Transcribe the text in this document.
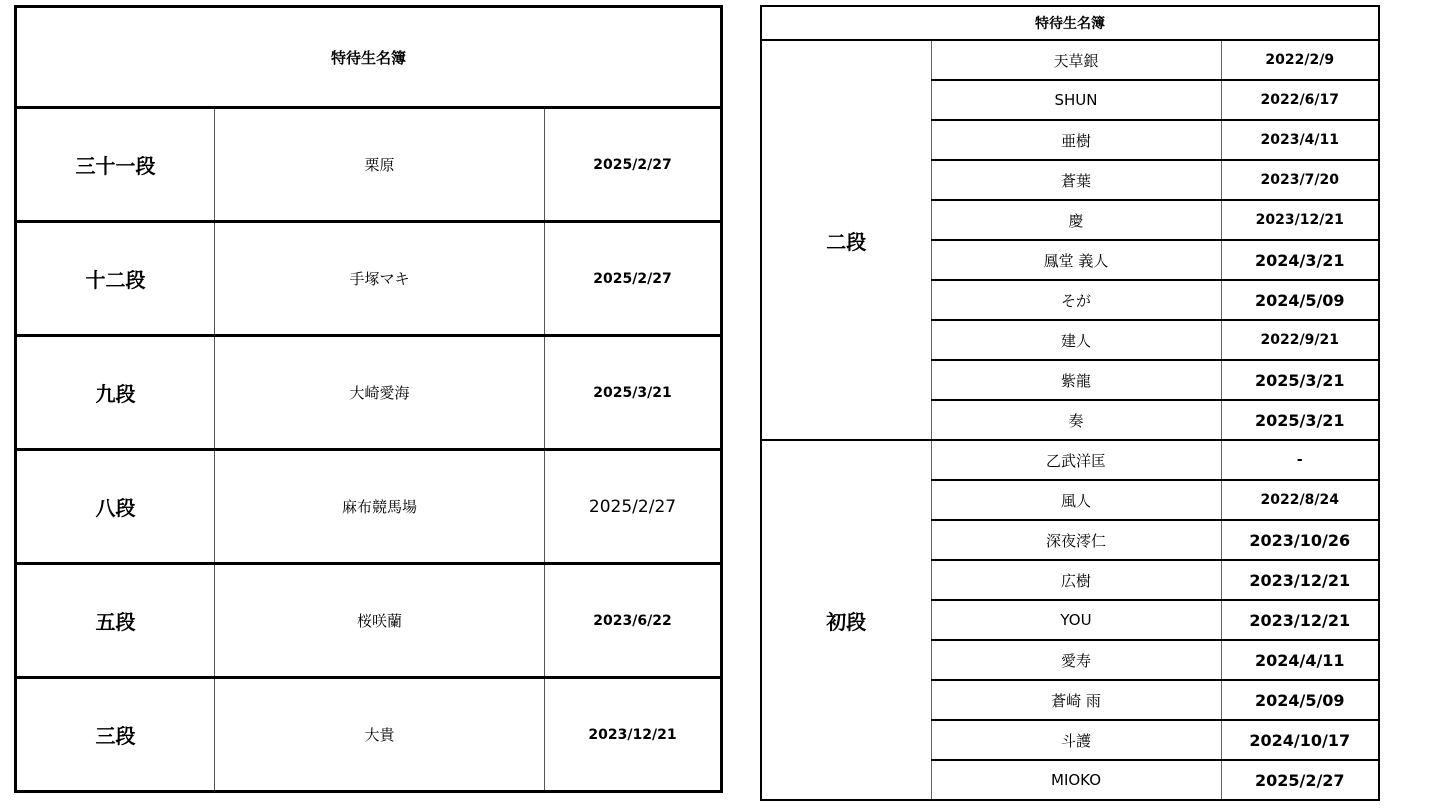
特待生名簿		
三十一段	栗原	2025/2/27
十二段	手塚マキ	2025/2/27
九段	大崎愛海	2025/3/21
八段	麻布競馬場	2025/2/27
五段	桜咲蘭	2023/6/22
三段	大貴	2023/12/21
特待生名簿		
二段	天草銀	2022/2/9
	SHUN	2022/6/17
	亜樹	2023/4/11
	蒼葉	2023/7/20
	慶	2023/12/21
	鳳堂 義人	2024/3/21
	そが	2024/5/09
	建人	2022/9/21
	紫龍	2025/3/21
	奏	2025/3/21
初段	乙武洋匡	-
	風人	2022/8/24
	深夜澪仁	2023/10/26
	広樹	2023/12/21
	YOU	2023/12/21
	愛寿	2024/4/11
	蒼崎 雨	2024/5/09
	斗護	2024/10/17
	MIOKO	2025/2/27
